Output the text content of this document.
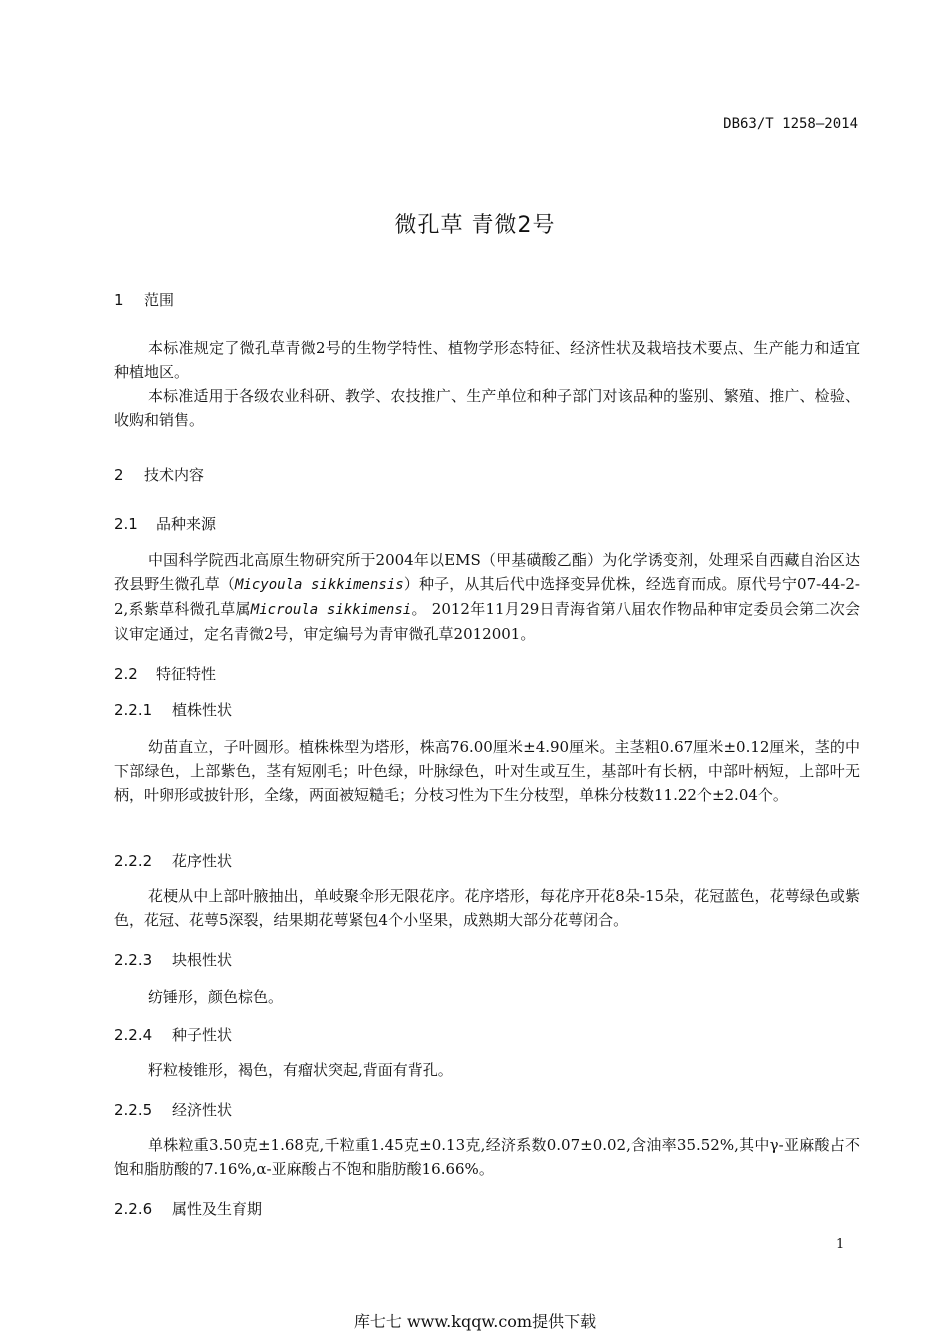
DB63/T 1258—2014
微孔草 青微2号
1 范围
本标准规定了微孔草青微2号的生物学特性、植物学形态特征、经济性状及栽培技术要点、生产能力和适宜种植地区。
本标准适用于各级农业科研、教学、农技推广、生产单位和种子部门对该品种的鉴别、繁殖、推广、检验、收购和销售。
2 技术内容
2.1 品种来源
中国科学院西北高原生物研究所于2004年以EMS（甲基磺酸乙酯）为化学诱变剂，处理采自西藏自治区达孜县野生微孔草（Micyoula sikkimensis）种子，从其后代中选择变异优株，经选育而成。原代号宁07-44-2-2,系紫草科微孔草属Microula sikkimensi。 2012年11月29日青海省第八届农作物品种审定委员会第二次会议审定通过，定名青微2号，审定编号为青审微孔草2012001。
2.2 特征特性
2.2.1 植株性状
幼苗直立，子叶圆形。植株株型为塔形，株高76.00厘米±4.90厘米。主茎粗0.67厘米±0.12厘米，茎的中下部绿色，上部紫色，茎有短刚毛；叶色绿，叶脉绿色，叶对生或互生，基部叶有长柄，中部叶柄短，上部叶无柄，叶卵形或披针形，全缘，两面被短糙毛；分枝习性为下生分枝型，单株分枝数11.22个±2.04个。
2.2.2 花序性状
花梗从中上部叶腋抽出，单岐聚伞形无限花序。花序塔形，每花序开花8朵-15朵，花冠蓝色，花萼绿色或紫色，花冠、花萼5深裂，结果期花萼紧包4个小坚果，成熟期大部分花萼闭合。
2.2.3 块根性状
纺锤形，颜色棕色。
2.2.4 种子性状
籽粒棱锥形，褐色，有瘤状突起,背面有背孔。
2.2.5 经济性状
单株粒重3.50克±1.68克,千粒重1.45克±0.13克,经济系数0.07±0.02,含油率35.52%,其中γ-亚麻酸占不饱和脂肪酸的7.16%,α-亚麻酸占不饱和脂肪酸16.66%。
2.2.6 属性及生育期
1
库七七 www.kqqw.com提供下载
